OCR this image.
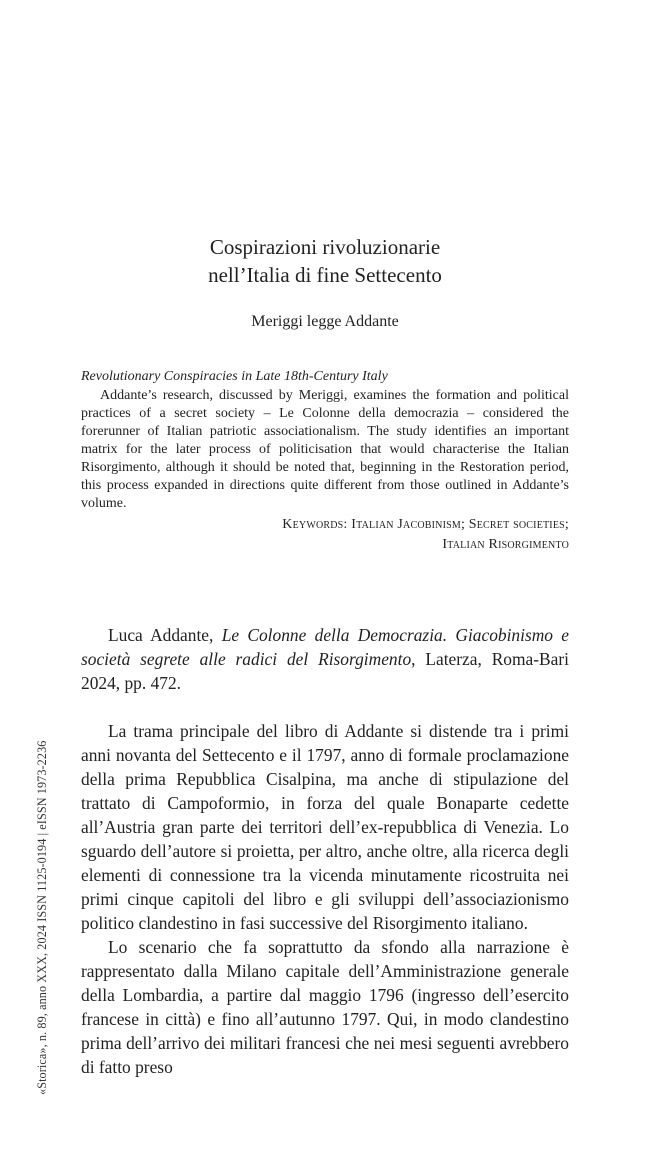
Cospirazioni rivoluzionarie
nell’Italia di fine Settecento
Meriggi legge Addante
Revolutionary Conspiracies in Late 18th-Century Italy

Addante’s research, discussed by Meriggi, examines the formation and political practices of a secret society – Le Colonne della democrazia – considered the forerunner of Italian patriotic associationalism. The study identifies an important matrix for the later process of politicisation that would characterise the Italian Risorgimento, although it should be noted that, beginning in the Restoration period, this process expanded in directions quite different from those outlined in Addante’s volume.

Keywords: Italian Jacobinism; Secret societies;
Italian Risorgimento

Luca Addante, Le Colonne della Democrazia. Giacobinismo e società segrete alle radici del Risorgimento, Laterza, Roma-Bari 2024, pp. 472.

La trama principale del libro di Addante si distende tra i primi anni novanta del Settecento e il 1797, anno di formale proclamazione della prima Repubblica Cisalpina, ma anche di stipulazione del trattato di Campoformio, in forza del quale Bonaparte cedette all’Austria gran parte dei territori dell’ex-repubblica di Venezia. Lo sguardo dell’autore si proietta, per altro, anche oltre, alla ricerca degli elementi di connessione tra la vicenda minutamente ricostruita nei primi cinque capitoli del libro e gli sviluppi dell’associazionismo politico clandestino in fasi successive del Risorgimento italiano.

Lo scenario che fa soprattutto da sfondo alla narrazione è rappresentato dalla Milano capitale dell’Amministrazione generale della Lombardia, a partire dal maggio 1796 (ingresso dell’esercito francese in città) e fino all’autunno 1797. Qui, in modo clandestino prima dell’arrivo dei militari francesi che nei mesi seguenti avrebbero di fatto preso

«Storica», n. 89, anno XXX, 2024 ISSN 1125-0194 | eISSN 1973-2236
